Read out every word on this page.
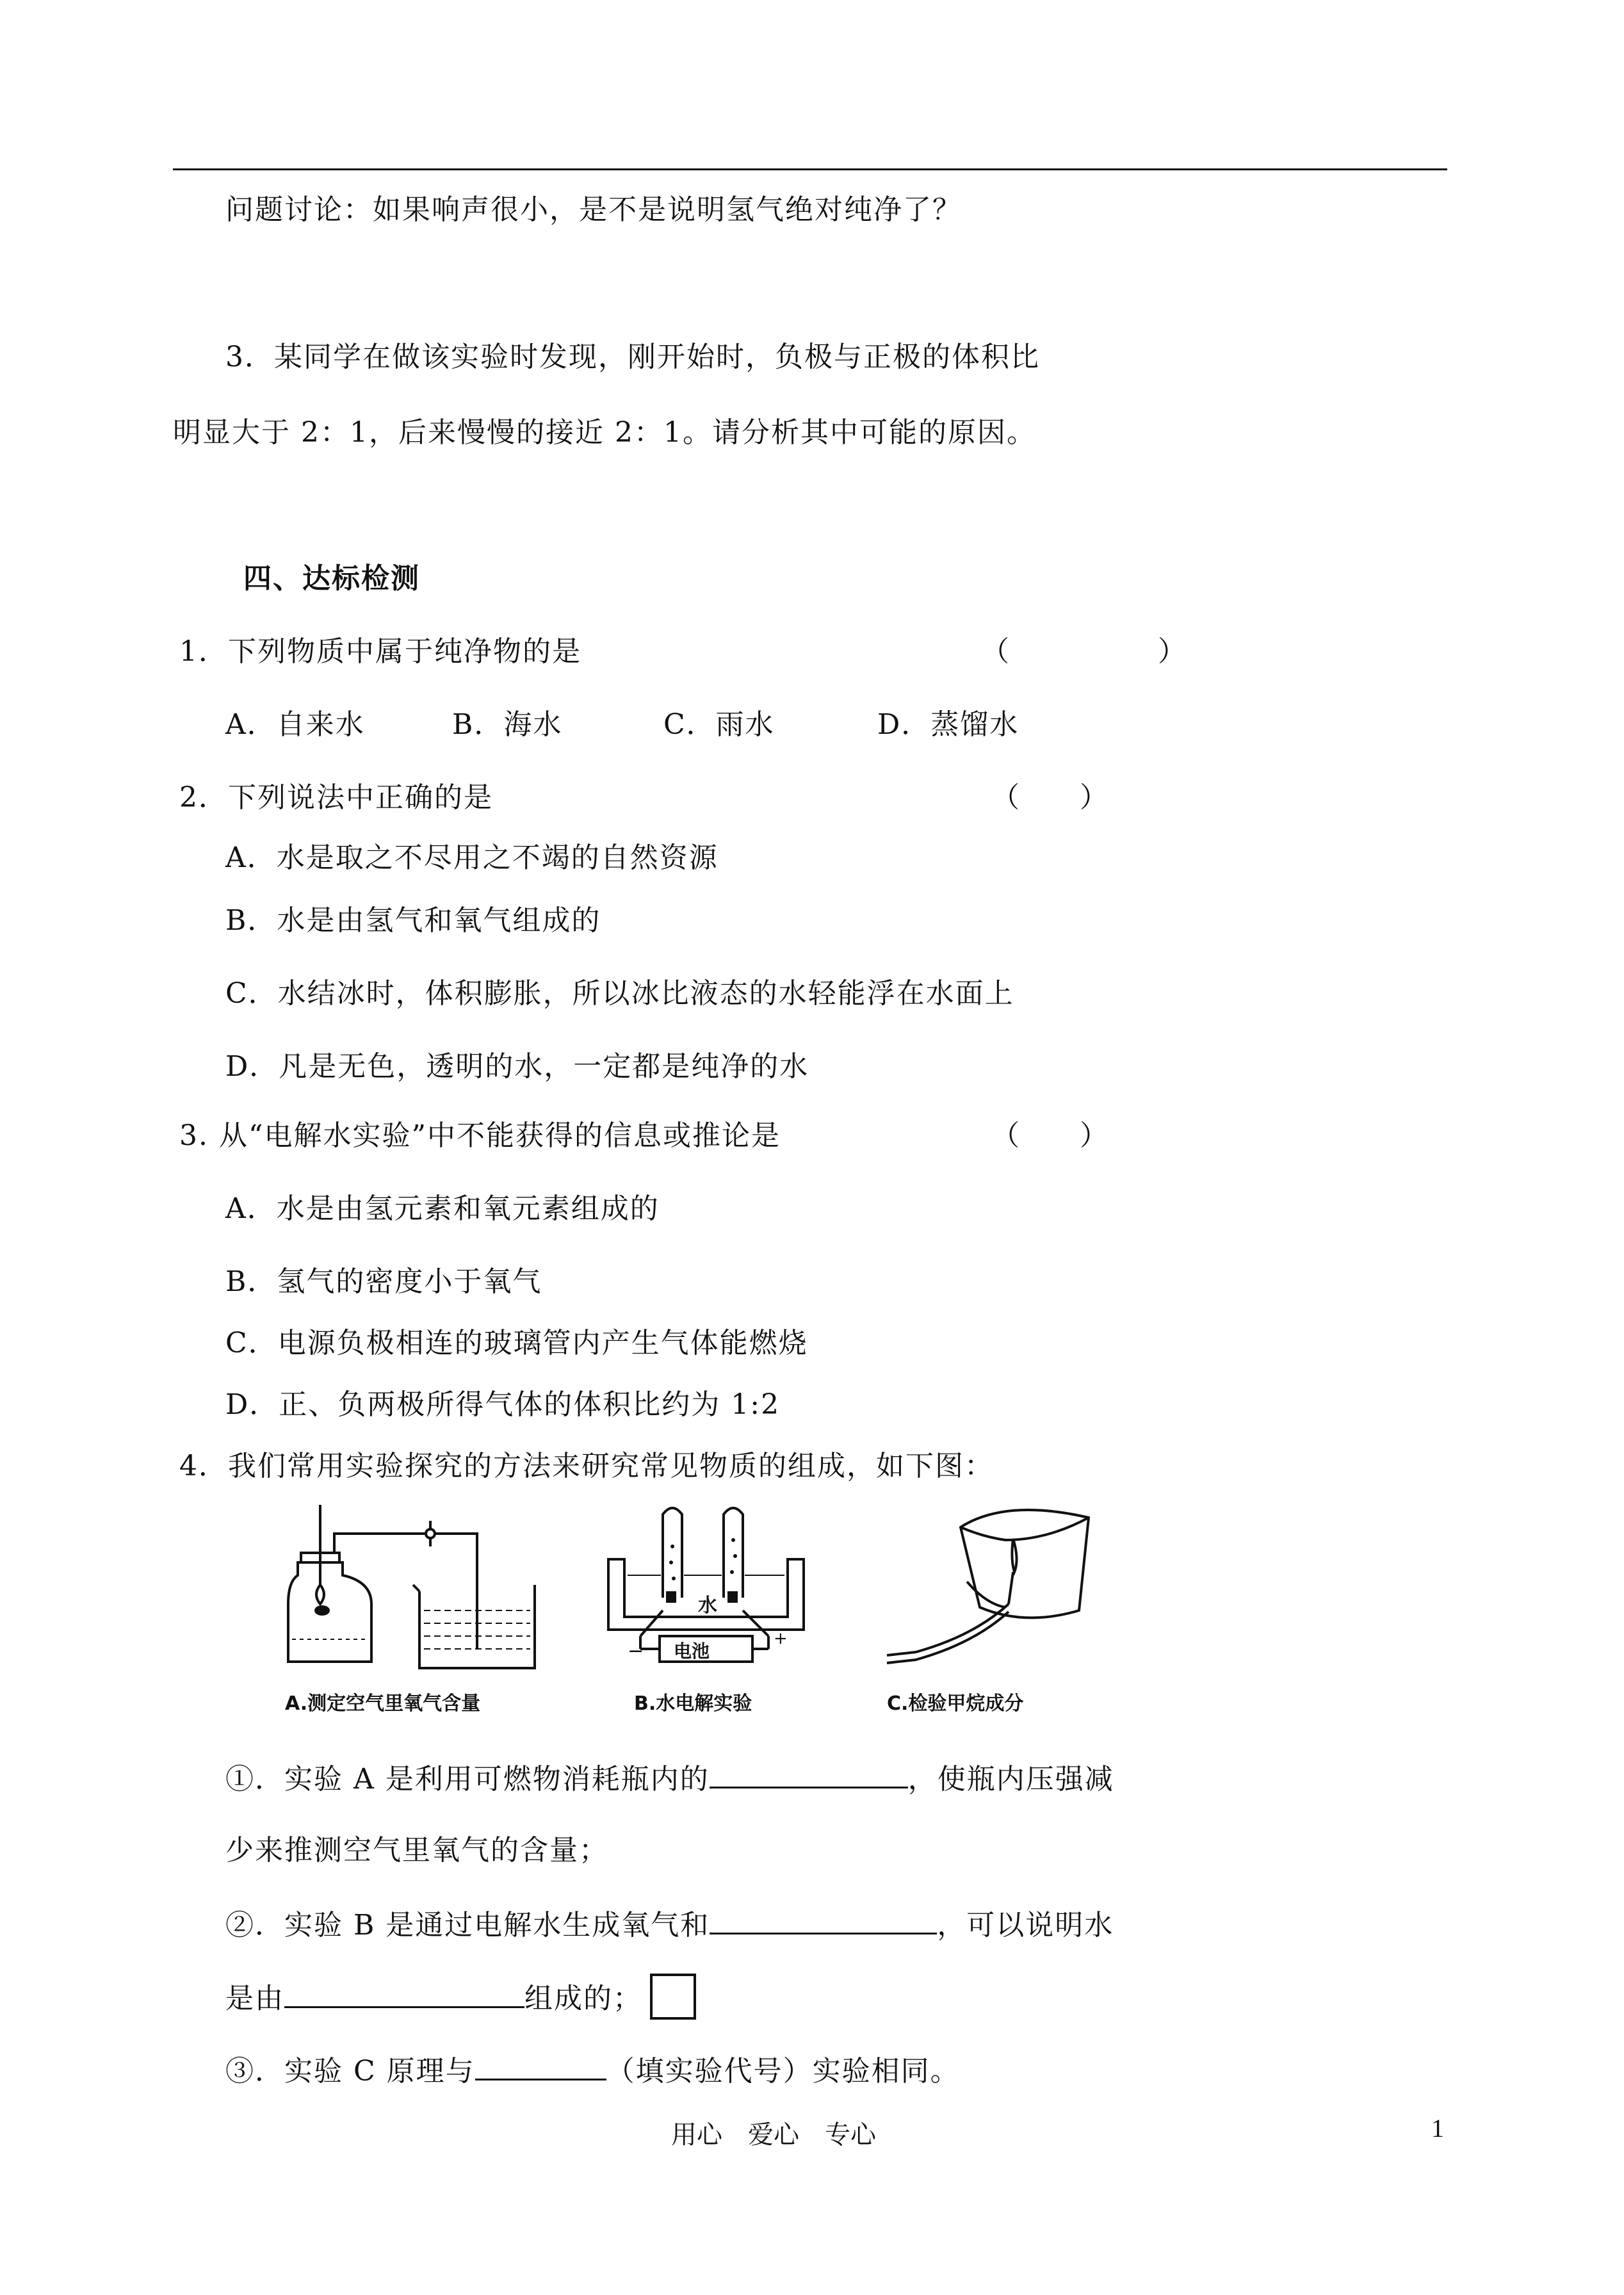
问题讨论：如果响声很小，是不是说明氢气绝对纯净了？
3．某同学在做该实验时发现，刚开始时，负极与正极的体积比
明显大于 2：1，后来慢慢的接近 2：1。请分析其中可能的原因。
四、达标检测
1．下列物质中属于纯净物的是	（　　　　　）
A．自来水	B．海水	C．雨水	D．蒸馏水
2．下列说法中正确的是	（　　）
A．水是取之不尽用之不竭的自然资源
B．水是由氢气和氧气组成的
C．水结冰时，体积膨胀，所以冰比液态的水轻能浮在水面上
D．凡是无色，透明的水，一定都是纯净的水
3. 从“电解水实验”中不能获得的信息或推论是	（　　）
A．水是由氢元素和氧元素组成的
B．氢气的密度小于氧气
C．电源负极相连的玻璃管内产生气体能燃烧
D．正、负两极所得气体的体积比约为 1:2
4．我们常用实验探究的方法来研究常见物质的组成，如下图：
A.测定空气里氧气含量
水
电池
−
+
B.水电解实验	C.检验甲烷成分
①．实验 A 是利用可燃物消耗瓶内的	，使瓶内压强减
少来推测空气里氧气的含量；
②．实验 B 是通过电解水生成氧气和	，可以说明水
是由	组成的；
③．实验 C 原理与	（填实验代号）实验相同。
用心　爱心　专心	1
